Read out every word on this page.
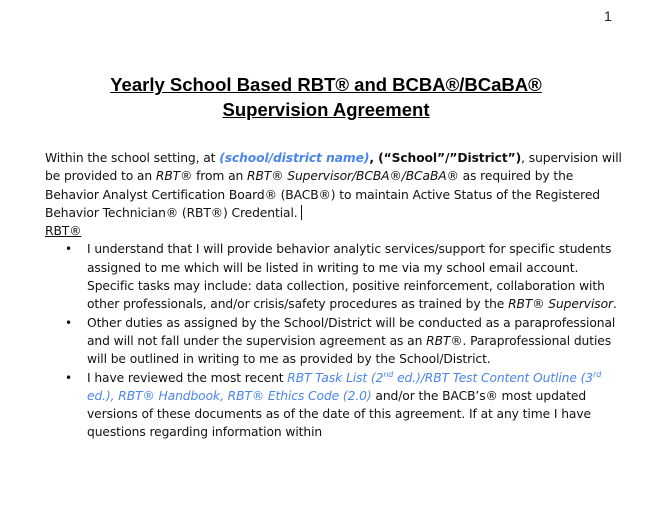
1
Yearly School Based RBT® and BCBA®/BCaBA®
Supervision Agreement

Within the school setting, at (school/district name), (“School”/”District”), supervision will be provided to an RBT® from an RBT® Supervisor/BCBA®/BCaBA® as required by the Behavior Analyst Certification Board® (BACB®) to maintain Active Status of the Registered Behavior Technician® (RBT®) Credential.

RBT®

• I understand that I will provide behavior analytic services/support for specific students assigned to me which will be listed in writing to me via my school email account. Specific tasks may include: data collection, positive reinforcement, collaboration with other professionals, and/or crisis/safety procedures as trained by the RBT® Supervisor.
• Other duties as assigned by the School/District will be conducted as a paraprofessional and will not fall under the supervision agreement as an RBT®. Paraprofessional duties will be outlined in writing to me as provided by the School/District.
• I have reviewed the most recent RBT Task List (2nd ed.)/RBT Test Content Outline (3rd ed.), RBT® Handbook, RBT® Ethics Code (2.0) and/or the BACB’s® most updated versions of these documents as of the date of this agreement. If at any time I have questions regarding information within
